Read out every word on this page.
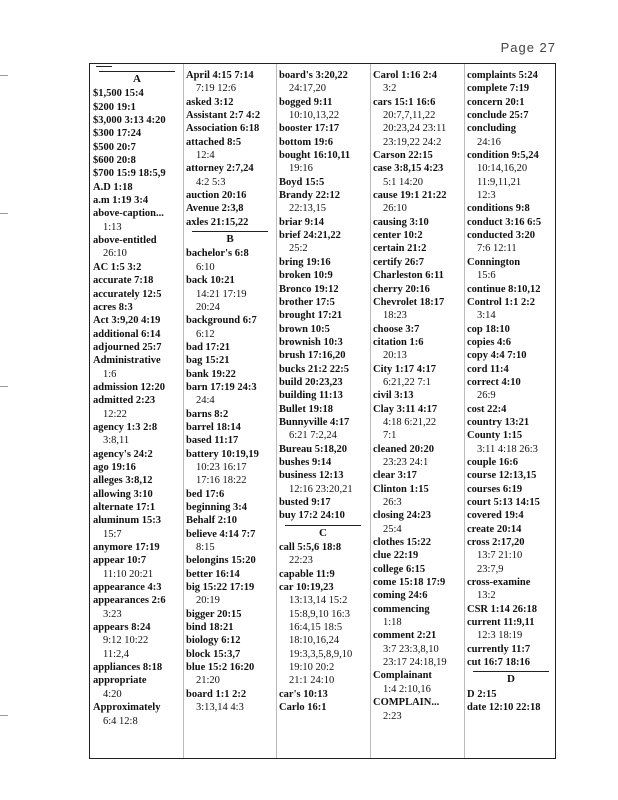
Page 27
A
$1,500 15:4
$200 19:1
$3,000 3:13 4:20
$300 17:24
$500 20:7
$600 20:8
$700 15:9 18:5,9
A.D 1:18
a.m 1:19 3:4
above-caption...
1:13
above-entitled
26:10
AC 1:5 3:2
accurate 7:18
accurately 12:5
acres 8:3
Act 3:9,20 4:19
additional 6:14
adjourned 25:7
Administrative
1:6
admission 12:20
admitted 2:23
12:22
agency 1:3 2:8
3:8,11
agency's 24:2
ago 19:16
alleges 3:8,12
allowing 3:10
alternate 17:1
aluminum 15:3
15:7
anymore 17:19
appear 10:7
11:10 20:21
appearance 4:3
appearances 2:6
3:23
appears 8:24
9:12 10:22
11:2,4
appliances 8:18
appropriate
4:20
Approximately
6:4 12:8
April 4:15 7:14
7:19 12:6
asked 3:12
Assistant 2:7 4:2
Association 6:18
attached 8:5
12:4
attorney 2:7,24
4:2 5:3
auction 20:16
Avenue 2:3,8
axles 21:15,22
B
bachelor's 6:8
6:10
back 10:21
14:21 17:19
20:24
background 6:7
6:12
bad 17:21
bag 15:21
bank 19:22
barn 17:19 24:3
24:4
barns 8:2
barrel 18:14
based 11:17
battery 10:19,19
10:23 16:17
17:16 18:22
bed 17:6
beginning 3:4
Behalf 2:10
believe 4:14 7:7
8:15
belongins 15:20
better 16:14
big 15:22 17:19
20:19
bigger 20:15
bind 18:21
biology 6:12
block 15:3,7
blue 15:2 16:20
21:20
board 1:1 2:2
3:13,14 4:3
board's 3:20,22
24:17,20
bogged 9:11
10:10,13,22
booster 17:17
bottom 19:6
bought 16:10,11
19:16
Boyd 15:5
Brandy 22:12
22:13,15
briar 9:14
brief 24:21,22
25:2
bring 19:16
broken 10:9
Bronco 19:12
brother 17:5
brought 17:21
brown 10:5
brownish 10:3
brush 17:16,20
bucks 21:2 22:5
build 20:23,23
building 11:13
Bullet 19:18
Bunnyville 4:17
6:21 7:2,24
Bureau 5:18,20
bushes 9:14
business 12:13
12:16 23:20,21
busted 9:17
buy 17:2 24:10
C
call 5:5,6 18:8
22:23
capable 11:9
car 10:19,23
13:13,14 15:2
15:8,9,10 16:3
16:4,15 18:5
18:10,16,24
19:3,3,5,8,9,10
19:10 20:2
21:1 24:10
car's 10:13
Carlo 16:1
Carol 1:16 2:4
3:2
cars 15:1 16:6
20:7,7,11,22
20:23,24 23:11
23:19,22 24:2
Carson 22:15
case 3:8,15 4:23
5:1 14:20
cause 19:1 21:22
26:10
causing 3:10
center 10:2
certain 21:2
certify 26:7
Charleston 6:11
cherry 20:16
Chevrolet 18:17
18:23
choose 3:7
citation 1:6
20:13
City 1:17 4:17
6:21,22 7:1
civil 3:13
Clay 3:11 4:17
4:18 6:21,22
7:1
cleaned 20:20
23:23 24:1
clear 3:17
Clinton 1:15
26:3
closing 24:23
25:4
clothes 15:22
clue 22:19
college 6:15
come 15:18 17:9
coming 24:6
commencing
1:18
comment 2:21
3:7 23:3,8,10
23:17 24:18,19
Complainant
1:4 2:10,16
COMPLAIN...
2:23
complaints 5:24
complete 7:19
concern 20:1
conclude 25:7
concluding
24:16
condition 9:5,24
10:14,16,20
11:9,11,21
12:3
conditions 9:8
conduct 3:16 6:5
conducted 3:20
7:6 12:11
Connington
15:6
continue 8:10,12
Control 1:1 2:2
3:14
cop 18:10
copies 4:6
copy 4:4 7:10
cord 11:4
correct 4:10
26:9
cost 22:4
country 13:21
County 1:15
3:11 4:18 26:3
couple 16:6
course 12:13,15
courses 6:19
court 5:13 14:15
covered 19:4
create 20:14
cross 2:17,20
13:7 21:10
23:7,9
cross-examine
13:2
CSR 1:14 26:18
current 11:9,11
12:3 18:19
currently 11:7
cut 16:7 18:16
D
D 2:15
date 12:10 22:18
